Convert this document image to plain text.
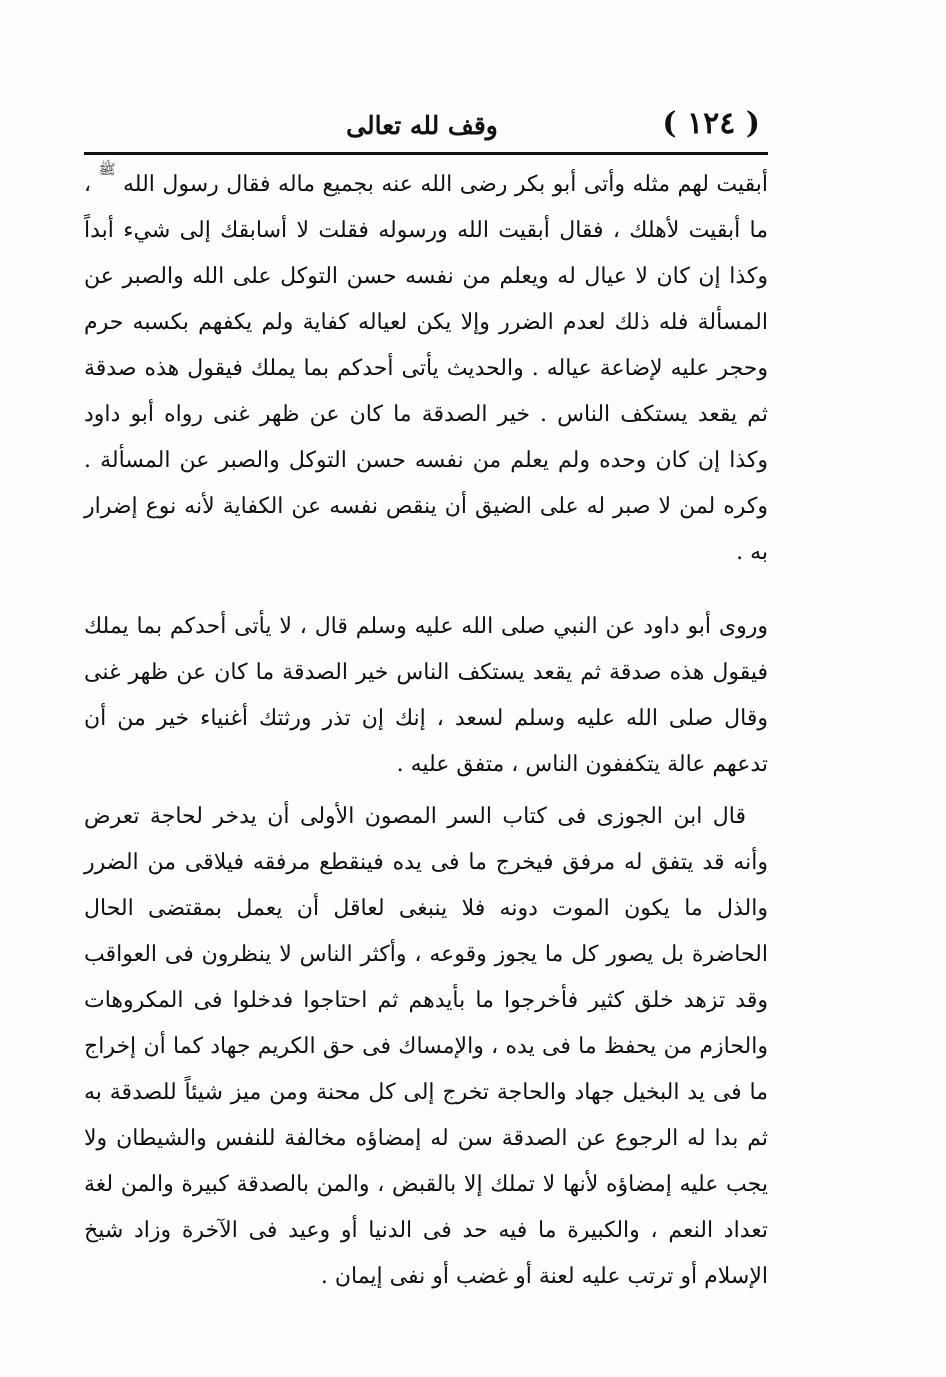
( ١٢٤ )
وقف لله تعالى

أبقيت لهم مثله وأتى أبو بكر رضى الله عنه بجميع ماله فقال رسول الله ﷺ ، ما أبقيت لأهلك ، فقال أبقيت الله ورسوله فقلت لا أسابقك إلى شيء أبداً وكذا إن كان لا عيال له ويعلم من نفسه حسن التوكل على الله والصبر عن المسألة فله ذلك لعدم الضرر وإلا يكن لعياله كفاية ولم يكفهم بكسبه حرم وحجر عليه لإضاعة عياله . والحديث يأتى أحدكم بما يملك فيقول هذه صدقة ثم يقعد يستكف الناس . خير الصدقة ما كان عن ظهر غنى رواه أبو داود وكذا إن كان وحده ولم يعلم من نفسه حسن التوكل والصبر عن المسألة . وكره لمن لا صبر له على الضيق أن ينقص نفسه عن الكفاية لأنه نوع إضرار به .

وروى أبو داود عن النبي صلى الله عليه وسلم قال ، لا يأتى أحدكم بما يملك فيقول هذه صدقة ثم يقعد يستكف الناس خير الصدقة ما كان عن ظهر غنى وقال صلى الله عليه وسلم لسعد ، إنك إن تذر ورثتك أغنياء خير من أن تدعهم عالة يتكففون الناس ، متفق عليه .

قال ابن الجوزى فى كتاب السر المصون الأولى أن يدخر لحاجة تعرض وأنه قد يتفق له مرفق فيخرج ما فى يده فينقطع مرفقه فيلاقى من الضرر والذل ما يكون الموت دونه فلا ينبغى لعاقل أن يعمل بمقتضى الحال الحاضرة بل يصور كل ما يجوز وقوعه ، وأكثر الناس لا ينظرون فى العواقب وقد تزهد خلق كثير فأخرجوا ما بأيدهم ثم احتاجوا فدخلوا فى المكروهات والحازم من يحفظ ما فى يده ، والإمساك فى حق الكريم جهاد كما أن إخراج ما فى يد البخيل جهاد والحاجة تخرج إلى كل محنة ومن ميز شيئاً للصدقة به ثم بدا له الرجوع عن الصدقة سن له إمضاؤه مخالفة للنفس والشيطان ولا يجب عليه إمضاؤه لأنها لا تملك إلا بالقبض ، والمن بالصدقة كبيرة والمن لغة تعداد النعم ، والكبيرة ما فيه حد فى الدنيا أو وعيد فى الآخرة وزاد شيخ الإسلام أو ترتب عليه لعنة أو غضب أو نفى إيمان .
